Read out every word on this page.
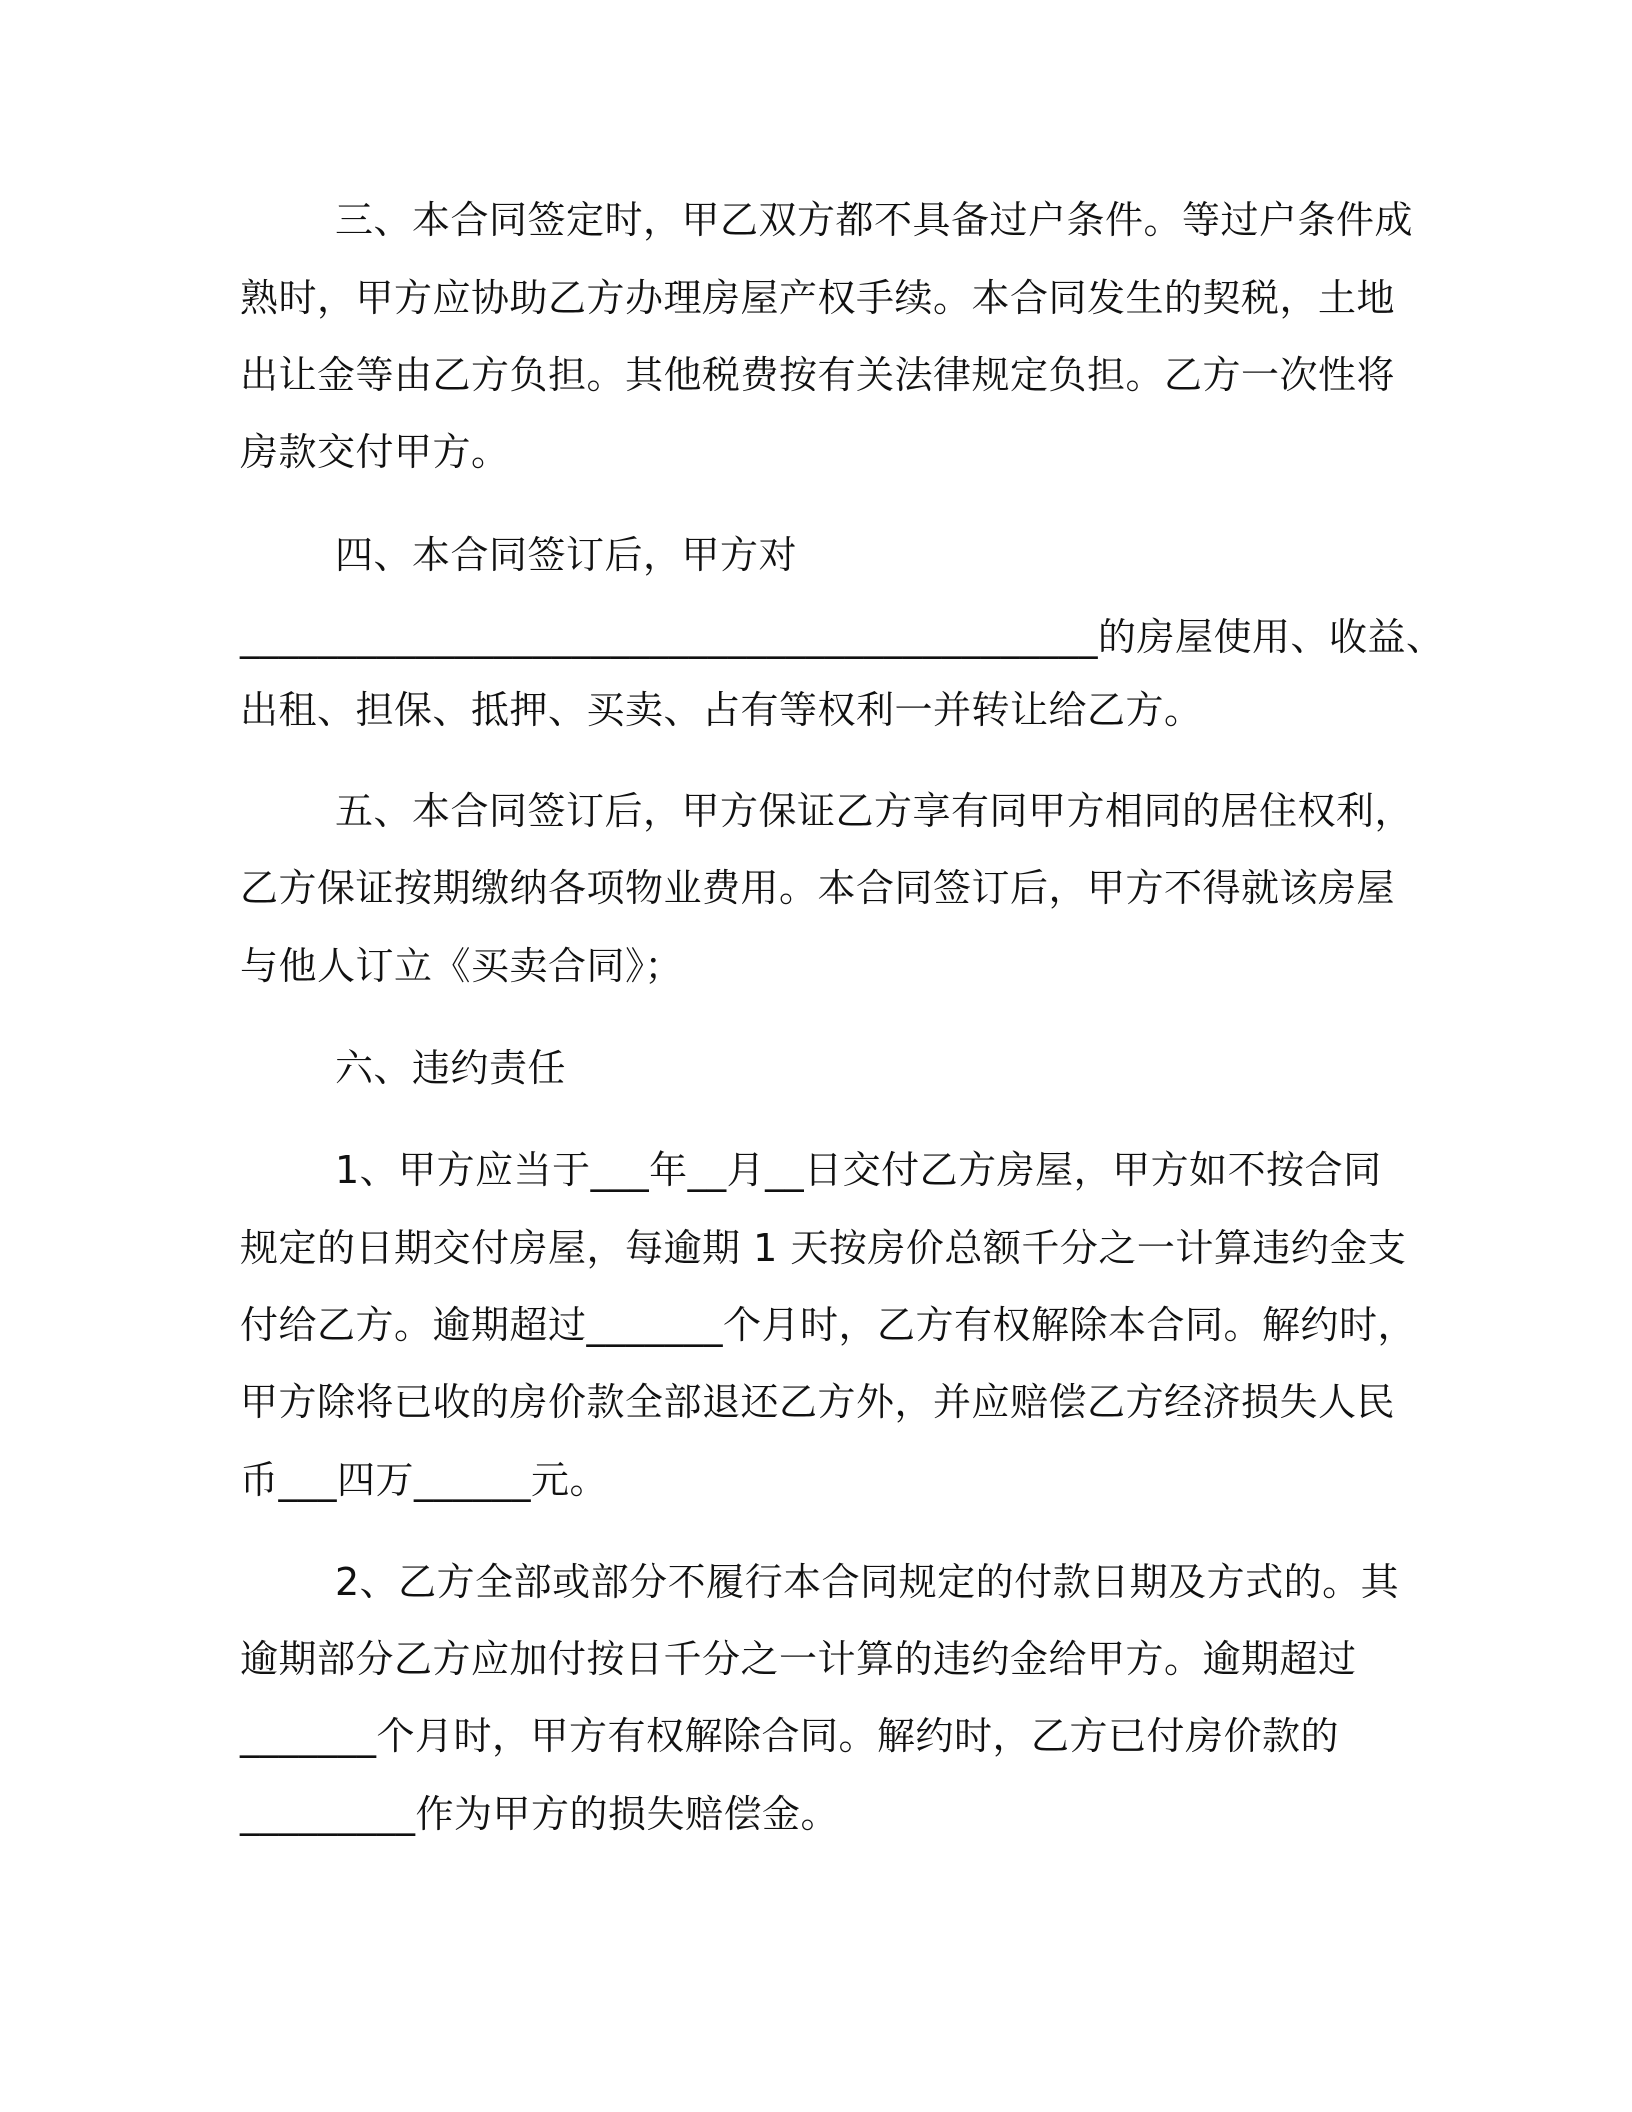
三、本合同签定时，甲乙双方都不具备过户条件。等过户条件成
熟时，甲方应协助乙方办理房屋产权手续。本合同发生的契税，土地
出让金等由乙方负担。其他税费按有关法律规定负担。乙方一次性将
房款交付甲方。
四、本合同签订后，甲方对
____________________________________________的房屋使用、收益、
出租、担保、抵押、买卖、占有等权利一并转让给乙方。
五、本合同签订后，甲方保证乙方享有同甲方相同的居住权利，
乙方保证按期缴纳各项物业费用。本合同签订后，甲方不得就该房屋
与他人订立《买卖合同》；
六、违约责任
1、甲方应当于___年__月__日交付乙方房屋，甲方如不按合同
规定的日期交付房屋，每逾期 1 天按房价总额千分之一计算违约金支
付给乙方。逾期超过_______个月时，乙方有权解除本合同。解约时，
甲方除将已收的房价款全部退还乙方外，并应赔偿乙方经济损失人民
币___四万______元。
2、乙方全部或部分不履行本合同规定的付款日期及方式的。其
逾期部分乙方应加付按日千分之一计算的违约金给甲方。逾期超过
_______个月时，甲方有权解除合同。解约时，乙方已付房价款的
_________作为甲方的损失赔偿金。
